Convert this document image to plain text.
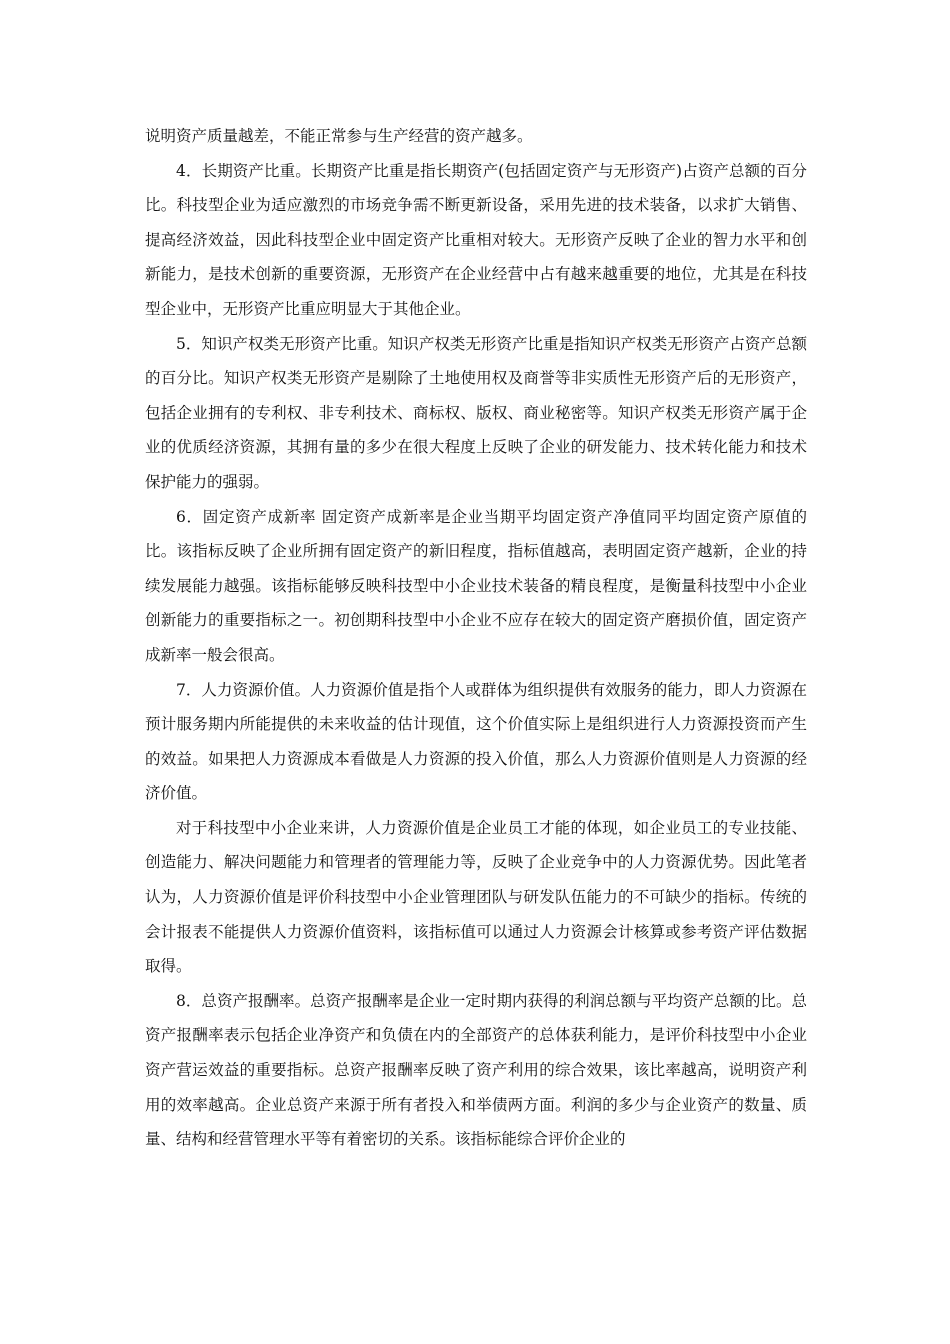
说明资产质量越差，不能正常参与生产经营的资产越多。

4．长期资产比重。长期资产比重是指长期资产(包括固定资产与无形资产)占资产总额的百分比。科技型企业为适应激烈的市场竞争需不断更新设备，采用先进的技术装备，以求扩大销售、提高经济效益，因此科技型企业中固定资产比重相对较大。无形资产反映了企业的智力水平和创新能力，是技术创新的重要资源，无形资产在企业经营中占有越来越重要的地位，尤其是在科技型企业中，无形资产比重应明显大于其他企业。

5．知识产权类无形资产比重。知识产权类无形资产比重是指知识产权类无形资产占资产总额的百分比。知识产权类无形资产是剔除了土地使用权及商誉等非实质性无形资产后的无形资产，包括企业拥有的专利权、非专利技术、商标权、版权、商业秘密等。知识产权类无形资产属于企业的优质经济资源，其拥有量的多少在很大程度上反映了企业的研发能力、技术转化能力和技术保护能力的强弱。

6．固定资产成新率 固定资产成新率是企业当期平均固定资产净值同平均固定资产原值的比。该指标反映了企业所拥有固定资产的新旧程度，指标值越高，表明固定资产越新，企业的持续发展能力越强。该指标能够反映科技型中小企业技术装备的精良程度，是衡量科技型中小企业创新能力的重要指标之一。初创期科技型中小企业不应存在较大的固定资产磨损价值，固定资产成新率一般会很高。

7．人力资源价值。人力资源价值是指个人或群体为组织提供有效服务的能力，即人力资源在预计服务期内所能提供的未来收益的估计现值，这个价值实际上是组织进行人力资源投资而产生的效益。如果把人力资源成本看做是人力资源的投入价值，那么人力资源价值则是人力资源的经济价值。

对于科技型中小企业来讲，人力资源价值是企业员工才能的体现，如企业员工的专业技能、创造能力、解决问题能力和管理者的管理能力等，反映了企业竞争中的人力资源优势。因此笔者认为，人力资源价值是评价科技型中小企业管理团队与研发队伍能力的不可缺少的指标。传统的会计报表不能提供人力资源价值资料，该指标值可以通过人力资源会计核算或参考资产评估数据取得。

8．总资产报酬率。总资产报酬率是企业一定时期内获得的利润总额与平均资产总额的比。总资产报酬率表示包括企业净资产和负债在内的全部资产的总体获利能力，是评价科技型中小企业资产营运效益的重要指标。总资产报酬率反映了资产利用的综合效果，该比率越高，说明资产利用的效率越高。企业总资产来源于所有者投入和举债两方面。利润的多少与企业资产的数量、质量、结构和经营管理水平等有着密切的关系。该指标能综合评价企业的
